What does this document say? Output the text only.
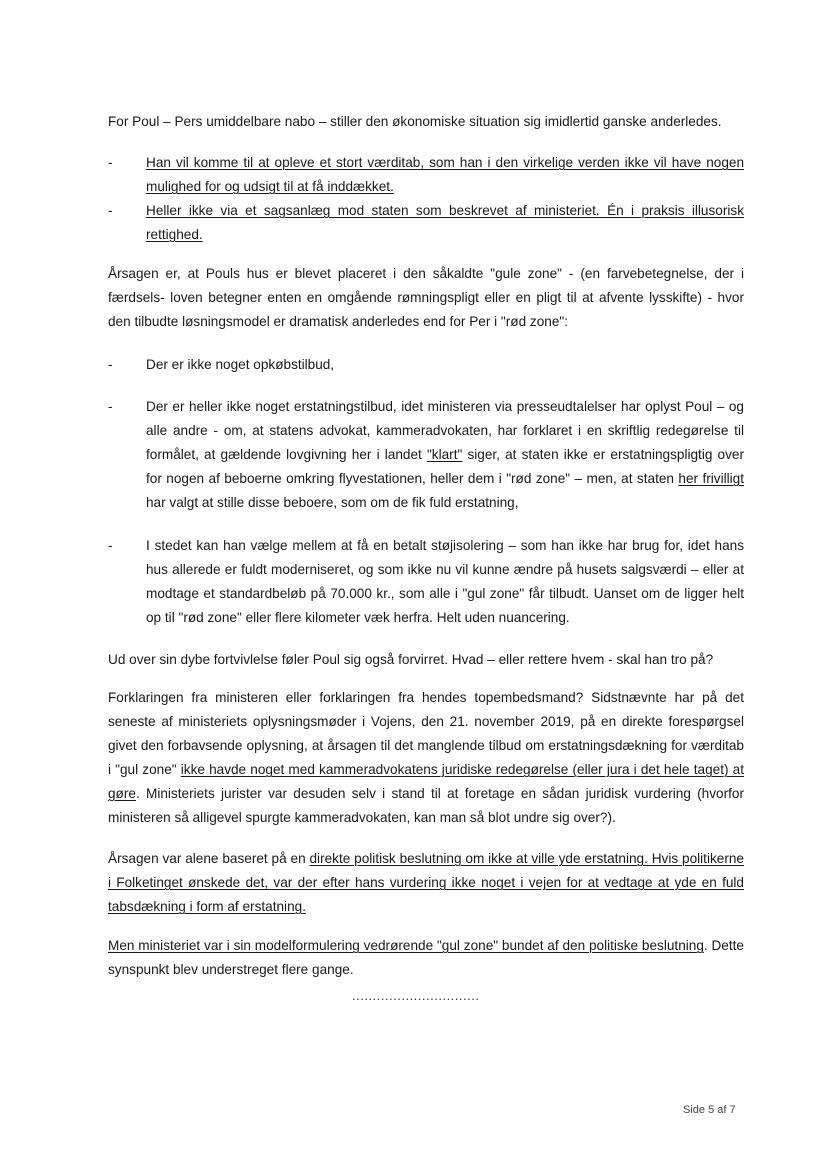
For Poul – Pers umiddelbare nabo – stiller den økonomiske situation sig imidlertid ganske anderledes.
-	Han vil komme til at opleve et stort værditab, som han i den virkelige verden ikke vil have nogen mulighed for og udsigt til at få inddækket.
-	Heller ikke via et sagsanlæg mod staten som beskrevet af ministeriet. Én i praksis illusorisk rettighed.
Årsagen er, at Pouls hus er blevet placeret i den såkaldte "gule zone" - (en farvebetegnelse, der i færdsels- loven betegner enten en omgående rømningspligt eller en pligt til at afvente lysskifte) - hvor den tilbudte løsningsmodel er dramatisk anderledes end for Per i "rød zone":
-	Der er ikke noget opkøbstilbud,
-	Der er heller ikke noget erstatningstilbud, idet ministeren via presseudtalelser har oplyst Poul – og alle andre - om, at statens advokat, kammeradvokaten, har forklaret i en skriftlig redegørelse til formålet, at gældende lovgivning her i landet "klart" siger, at staten ikke er erstatningspligtig over for nogen af beboerne omkring flyvestationen, heller dem i "rød zone" – men, at staten her frivilligt har valgt at stille disse beboere, som om de fik fuld erstatning,
-	I stedet kan han vælge mellem at få en betalt støjisolering – som han ikke har brug for, idet hans hus allerede er fuldt moderniseret, og som ikke nu vil kunne ændre på husets salgsværdi – eller at modtage et standardbeløb på 70.000 kr., som alle i "gul zone" får tilbudt. Uanset om de ligger helt op til "rød zone" eller flere kilometer væk herfra. Helt uden nuancering.
Ud over sin dybe fortvivlelse føler Poul sig også forvirret. Hvad – eller rettere hvem - skal han tro på?
Forklaringen fra ministeren eller forklaringen fra hendes topembedsmand? Sidstnævnte har på det seneste af ministeriets oplysningsmøder i Vojens, den 21. november 2019, på en direkte forespørgsel givet den forbavsende oplysning, at årsagen til det manglende tilbud om erstatningsdækning for værditab i "gul zone" ikke havde noget med kammeradvokatens juridiske redegørelse (eller jura i det hele taget) at gøre. Ministeriets jurister var desuden selv i stand til at foretage en sådan juridisk vurdering (hvorfor ministeren så alligevel spurgte kammeradvokaten, kan man så blot undre sig over?).
Årsagen var alene baseret på en direkte politisk beslutning om ikke at ville yde erstatning. Hvis politikerne i Folketinget ønskede det, var der efter hans vurdering ikke noget i vejen for at vedtage at yde en fuld tabsdækning i form af erstatning.
Men ministeriet var i sin modelformulering vedrørende "gul zone" bundet af den politiske beslutning. Dette synspunkt blev understreget flere gange.
...............................
Side 5 af 7
